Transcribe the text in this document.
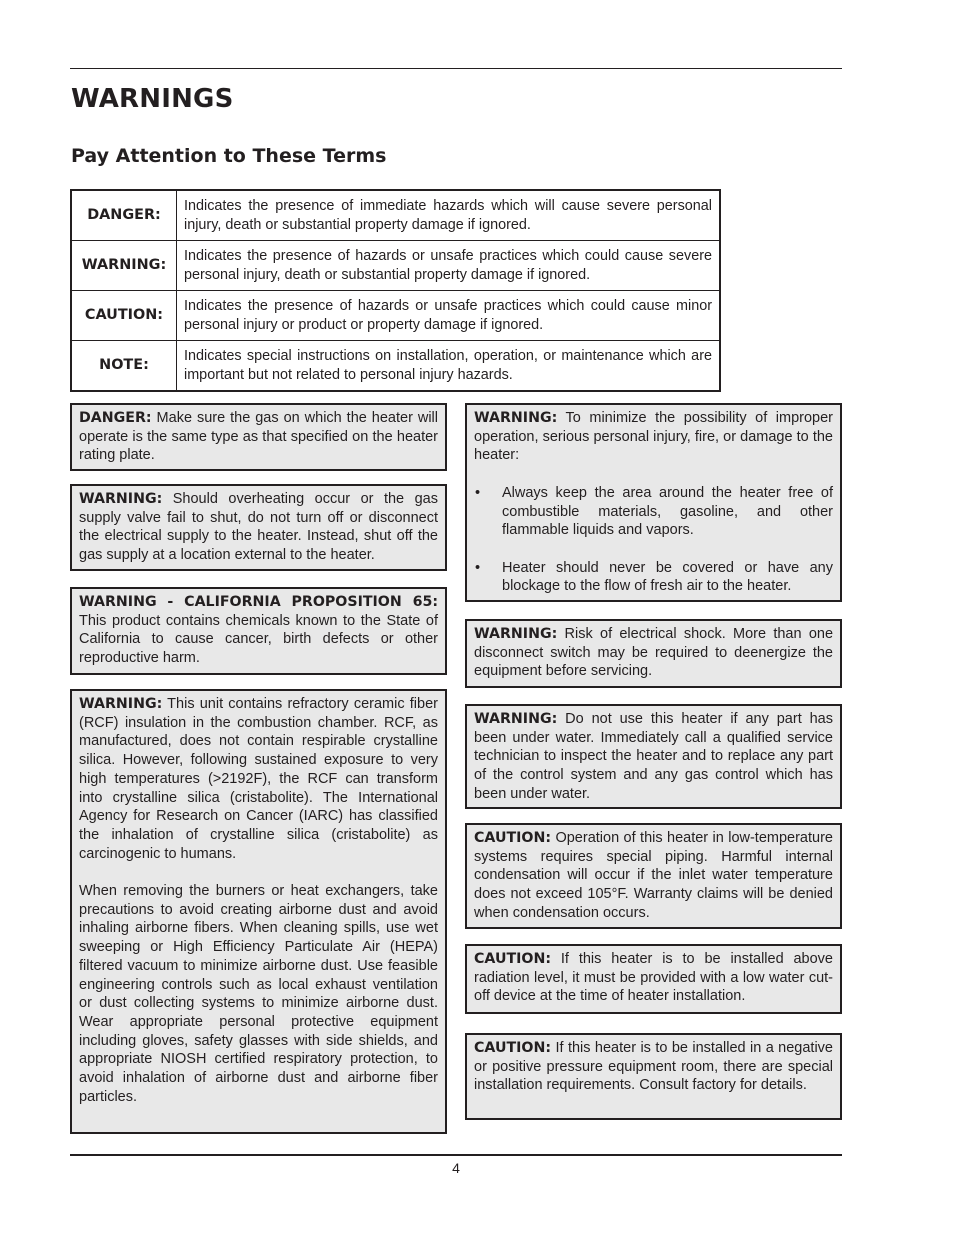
WARNINGS
Pay Attention to These Terms
DANGER:	Indicates the presence of immediate hazards which will cause severe personal injury, death or substantial property damage if ignored.
WARNING:	Indicates the presence of hazards or unsafe practices which could cause severe personal injury, death or substantial property damage if ignored.
CAUTION:	Indicates the presence of hazards or unsafe practices which could cause minor personal injury or product or property damage if ignored.
NOTE:	Indicates special instructions on installation, operation, or maintenance which are important but not related to personal injury hazards.

DANGER: Make sure the gas on which the heater will operate is the same type as that specified on the heater rating plate.

WARNING: Should overheating occur or the gas supply valve fail to shut, do not turn off or disconnect the electrical supply to the heater. Instead, shut off the gas supply at a location external to the heater.

WARNING - CALIFORNIA PROPOSITION 65: This product contains chemicals known to the State of California to cause cancer, birth defects or other reproductive harm.

WARNING: This unit contains refractory ceramic fiber (RCF) insulation in the combustion chamber. RCF, as manufactured, does not contain respirable crystalline silica. However, following sustained exposure to very high temperatures (>2192F), the RCF can transform into crystalline silica (cristabolite). The International Agency for Research on Cancer (IARC) has classified the inhalation of crystalline silica (cristabolite) as carcinogenic to humans.

When removing the burners or heat exchangers, take precautions to avoid creating airborne dust and avoid inhaling airborne fibers. When cleaning spills, use wet sweeping or High Efficiency Particulate Air (HEPA) filtered vacuum to minimize airborne dust. Use feasible engineering controls such as local exhaust ventilation or dust collecting systems to minimize airborne dust. Wear appropriate personal protective equipment including gloves, safety glasses with side shields, and appropriate NIOSH certified respiratory protection, to avoid inhalation of airborne dust and airborne fiber particles.

WARNING: To minimize the possibility of improper operation, serious personal injury, fire, or damage to the heater:

• Always keep the area around the heater free of combustible materials, gasoline, and other flammable liquids and vapors.
• Heater should never be covered or have any blockage to the flow of fresh air to the heater.

WARNING: Risk of electrical shock. More than one disconnect switch may be required to deenergize the equipment before servicing.

WARNING: Do not use this heater if any part has been under water. Immediately call a qualified service technician to inspect the heater and to replace any part of the control system and any gas control which has been under water.

CAUTION: Operation of this heater in low-temperature systems requires special piping. Harmful internal condensation will occur if the inlet water temperature does not exceed 105°F. Warranty claims will be denied when condensation occurs.

CAUTION: If this heater is to be installed above radiation level, it must be provided with a low water cut-off device at the time of heater installation.

CAUTION: If this heater is to be installed in a negative or positive pressure equipment room, there are special installation requirements. Consult factory for details.

4
